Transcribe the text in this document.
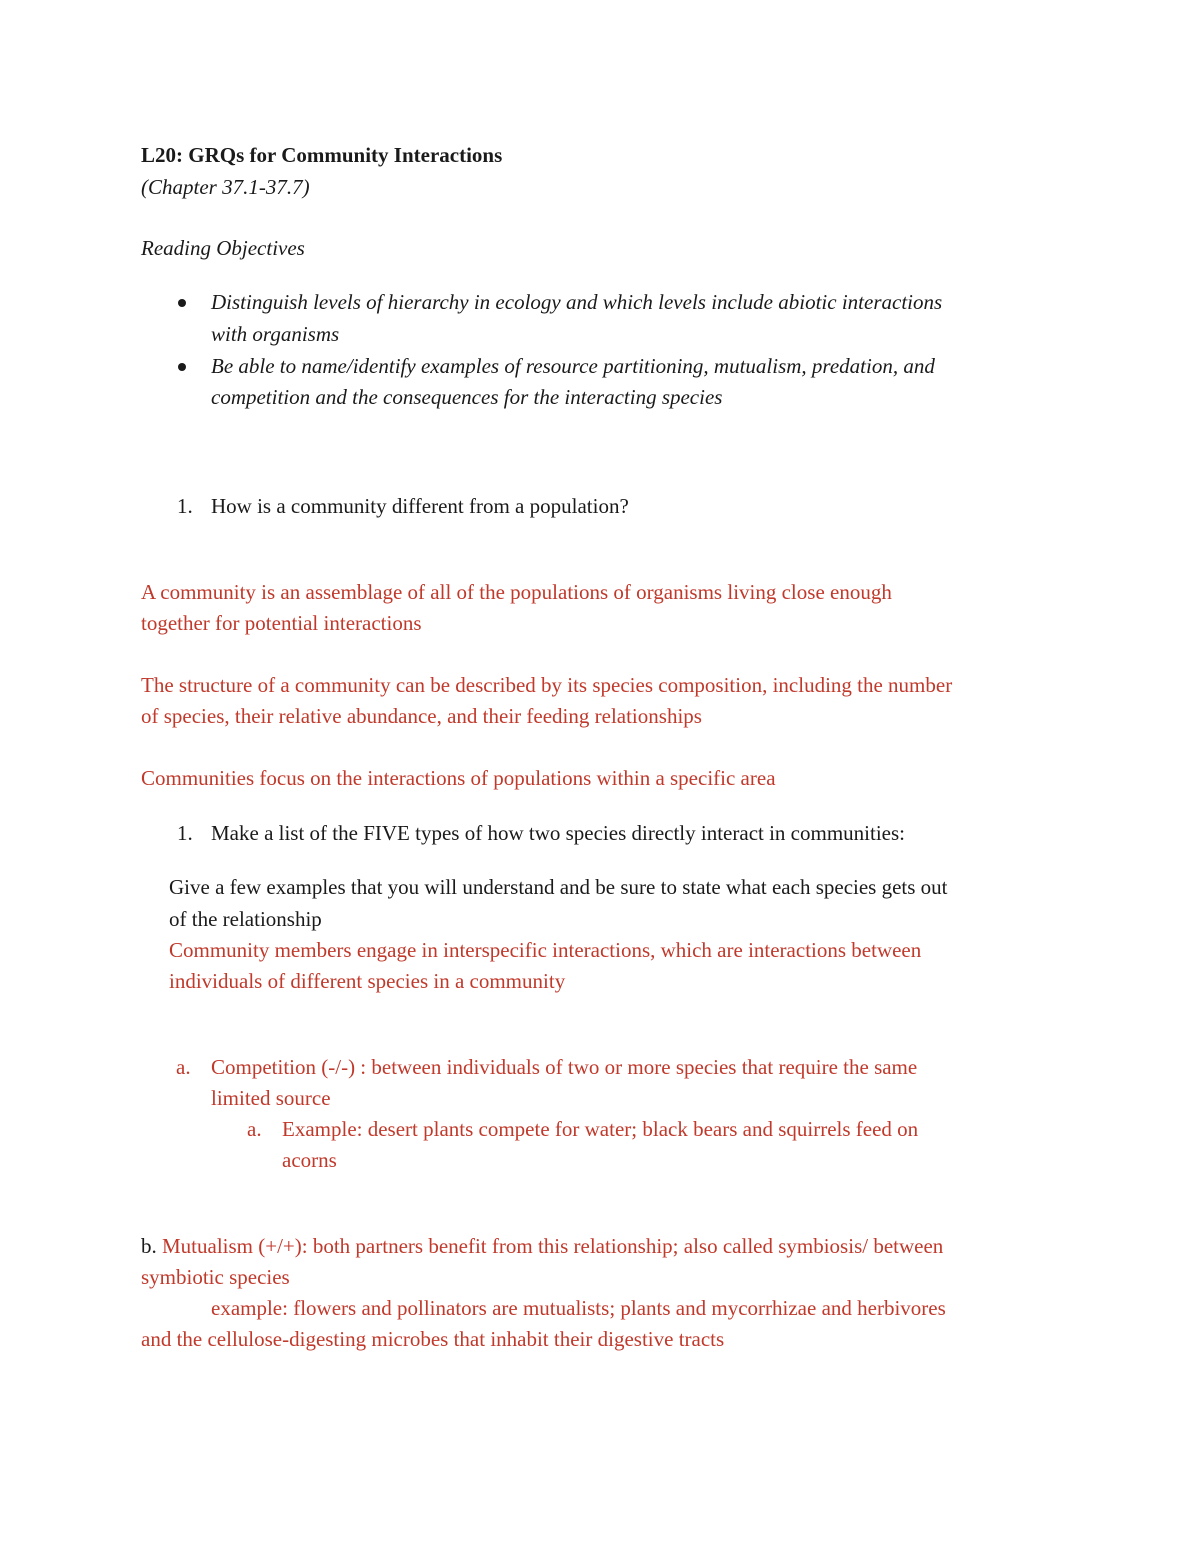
L20: GRQs for Community Interactions
(Chapter 37.1-37.7)
Reading Objectives
Distinguish levels of hierarchy in ecology and which levels include abiotic interactions
with organisms
Be able to name/identify examples of resource partitioning, mutualism, predation, and
competition and the consequences for the interacting species
1. How is a community different from a population?
A community is an assemblage of all of the populations of organisms living close enough
together for potential interactions
The structure of a community can be described by its species composition, including the number
of species, their relative abundance, and their feeding relationships
Communities focus on the interactions of populations within a specific area
1. Make a list of the FIVE types of how two species directly interact in communities:
Give a few examples that you will understand and be sure to state what each species gets out
of the relationship
Community members engage in interspecific interactions, which are interactions between
individuals of different species in a community
a. Competition (-/-) : between individuals of two or more species that require the same
limited source
a. Example: desert plants compete for water; black bears and squirrels feed on
acorns
b. Mutualism (+/+): both partners benefit from this relationship; also called symbiosis/ between
symbiotic species
example: flowers and pollinators are mutualists; plants and mycorrhizae and herbivores
and the cellulose-digesting microbes that inhabit their digestive tracts
